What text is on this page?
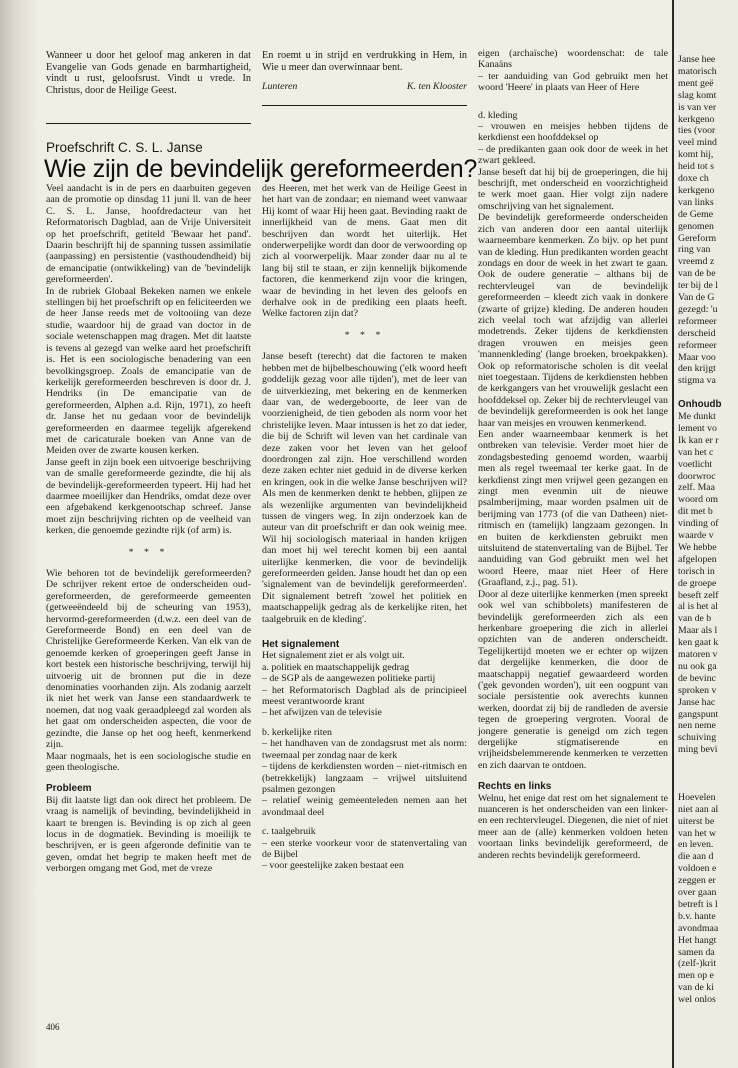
Wanneer u door het geloof mag ankeren in dat Evangelie van Gods genade en barmhartigheid, vindt u rust, geloofsrust. Vindt u vrede. In Christus, door de Heilige Geest.

En roemt u in strijd en verdrukking in Hem, in Wie u meer dan overwinnaar bent.

Lunteren	K. ten Klooster
Proefschrift C. S. L. Janse
Wie zijn de bevindelijk gereformeerden?

Veel aandacht is in de pers en daarbuiten gegeven aan de promotie op dinsdag 11 juni ll. van de heer C. S. L. Janse, hoofdredacteur van het Reformatorisch Dagblad, aan de Vrije Universiteit op het proefschrift, getiteld 'Bewaar het pand'. Daarin beschrijft hij de spanning tussen assimilatie (aanpassing) en persistentie (vasthoudendheid) bij de emancipatie (ontwikkeling) van de 'bevindelijk gereformeerden'.

In de rubriek Globaal Bekeken namen we enkele stellingen bij het proefschrift op en feliciteerden we de heer Janse reeds met de voltooiing van deze studie, waardoor hij de graad van doctor in de sociale wetenschappen mag dragen. Met dit laatste is tevens al gezegd van welke aard het proefschrift is. Het is een sociologische benadering van een bevolkingsgroep. Zoals de emancipatie van de kerkelijk gereformeerden beschreven is door dr. J. Hendriks (in De emancipatie van de gereformeerden, Alphen a.d. Rijn, 1971), zo heeft dr. Janse het nu gedaan voor de bevindelijk gereformeerden en daarmee tegelijk afgerekend met de caricaturale boeken van Anne van de Meiden over de zwarte kousen kerken.

Janse geeft in zijn boek een uitvoerige beschrijving van de smalle gereformeerde gezindte, die hij als de bevindelijk-gereformeerden typeert. Hij had het daarmee moeilijker dan Hendriks, omdat deze over een afgebakend kerkgenootschap schreef. Janse moet zijn beschrijving richten op de veelheid van kerken, die genoemde gezindte rijk (of arm) is.

* * *

Wie behoren tot de bevindelijk gereformeerden? De schrijver rekent ertoe de onderscheiden oud-gereformeerden, de gereformeerde gemeenten (getweeëndeeld bij de scheuring van 1953), hervormd-gereformeerden (d.w.z. een deel van de Gereformeerde Bond) en een deel van de Christelijke Gereformeerde Kerken. Van elk van de genoemde kerken of groeperingen geeft Janse in kort bestek een historische beschrijving, terwijl hij uitvoerig uit de bronnen put die in deze denominaties voorhanden zijn. Als zodanig aarzelt ik niet het werk van Janse een standaardwerk te noemen, dat nog vaak geraadpleegd zal worden als het gaat om onderscheiden aspecten, die voor de gezindte, die Janse op het oog heeft, kenmerkend zijn.

Maar nogmaals, het is een sociologische studie en geen theologische.

Probleem

Bij dit laatste ligt dan ook direct het probleem. De vraag is namelijk of bevinding, bevindelijkheid in kaart te brengen is. Bevinding is op zich al geen locus in de dogmatiek. Bevinding is moeilijk te beschrijven, er is geen afgeronde definitie van te geven, omdat het begrip te maken heeft met de verborgen omgang met God, met de vreze

des Heeren, met het werk van de Heilige Geest in het hart van de zondaar; en niemand weet vanwaar Hij komt of waar Hij heen gaat. Bevinding raakt de innerlijkheid van de mens. Gaat men dit beschrijven dan wordt het uiterlijk. Het onderwerpelijke wordt dan door de verwoording op zich al voorwerpelijk. Maar zonder daar nu al te lang bij stil te staan, er zijn kennelijk bijkomende factoren, die kenmerkend zijn voor die kringen, waar de bevinding in het leven des geloofs en derhalve ook in de prediking een plaats heeft. Welke factoren zijn dat?

* * *

Janse beseft (terecht) dat die factoren te maken hebben met de bijbelbeschouwing ('elk woord heeft goddelijk gezag voor alle tijden'), met de leer van de uitverkiezing, met bekering en de kenmerken daar van, de wedergeboorte, de leer van de voorzienigheid, de tien geboden als norm voor het christelijke leven. Maar intussen is het zo dat ieder, die bij de Schrift wil leven van het cardinale van deze zaken voor het leven van het geloof doordrongen zal zijn. Hoe verschillend worden deze zaken echter niet geduid in de diverse kerken en kringen, ook in die welke Janse beschrijven wil? Als men de kenmerken denkt te hebben, glijpen ze als wezenlijke argumenten van bevindelijkheid tussen de vingers weg. In zijn onderzoek kan de auteur van dit proefschrift er dan ook weinig mee. Wil hij sociologisch materiaal in handen krijgen dan moet hij wel terecht komen bij een aantal uiterlijke kenmerken, die voor de bevindelijk gereformeerden gelden. Janse houdt het dan op een 'signalement van de bevindelijk gereformeerden'. Dit signalement betreft 'zowel het politiek en maatschappelijk gedrag als de kerkelijke riten, het taalgebruik en de kleding'.

Het signalement

Het signalement ziet er als volgt uit.

a. politiek en maatschappelijk gedrag

– de SGP als de aangewezen politieke partij

– het Reformatorisch Dagblad als de principieel meest verantwoorde krant

– het afwijzen van de televisie

b. kerkelijke riten

– het handhaven van de zondagsrust met als norm: tweemaal per zondag naar de kerk

– tijdens de kerkdiensten worden – niet-ritmisch en (betrekkelijk) langzaam – vrijwel uitsluitend psalmen gezongen

– relatief weinig gemeenteleden nemen aan het avondmaal deel

c. taalgebruik

– een sterke voorkeur voor de statenvertaling van de Bijbel

– voor geestelijke zaken bestaat een

eigen (archaïsche) woordenschat: de tale Kanaäns

– ter aanduiding van God gebruikt men het woord 'Heere' in plaats van Heer of Here

d. kleding

– vrouwen en meisjes hebben tijdens de kerkdienst een hoofddeksel op

– de predikanten gaan ook door de week in het zwart gekleed.

Janse beseft dat hij bij de groeperingen, die hij beschrijft, met onderscheid en voorzichtigheid te werk moet gaan. Hier volgt zijn nadere omschrijving van het signalement.

De bevindelijk gereformeerde onderscheiden zich van anderen door een aantal uiterlijk waarneembare kenmerken. Zo bijv. op het punt van de kleding. Hun predikanten worden geacht zondags en door de week in het zwart te gaan. Ook de oudere generatie – althans bij de rechtervleugel van de bevindelijk gereformeerden – kleedt zich vaak in donkere (zwarte of grijze) kleding. De anderen houden zich veelal toch wat afzijdig van allerlei modetrends. Zeker tijdens de kerkdiensten dragen vrouwen en meisjes geen 'mannenkleding' (lange broeken, broekpakken). Ook op reformatorische scholen is dit veelal niet toegestaan. Tijdens de kerkdiensten hebben de kerkgangers van het vrouwelijk geslacht een hoofddeksel op. Zeker bij de rechtervleugel van de bevindelijk gereformeerden is ook het lange haar van meisjes en vrouwen kenmerkend.

Een ander waarneembaar kenmerk is het ontbreken van televisie. Verder moet hier de zondagsbesteding genoemd worden, waarbij men als regel tweemaal ter kerke gaat. In de kerkdienst zingt men vrijwel geen gezangen en zingt men evenmin uit de nieuwe psalmberijming, maar worden psalmen uit de berijming van 1773 (of die van Datheen) niet-ritmisch en (tamelijk) langzaam gezongen. In en buiten de kerkdiensten gebruikt men uitsluitend de statenvertaling van de Bijbel. Ter aanduiding van God gebruikt men wel het woord Heere, maar niet Heer of Here (Graafland, z.j., pag. 51).

Door al deze uiterlijke kenmerken (men spreekt ook wel van schibbolets) manifesteren de bevindelijk gereformeerden zich als een herkenbare groepering die zich in allerlei opzichten van de anderen onderscheidt. Tegelijkertijd moeten we er echter op wijzen dat dergelijke kenmerken, die door de maatschappij negatief gewaardeerd worden ('gek gevonden worden'), uit een oogpunt van sociale persistentie ook averechts kunnen werken, doordat zij bij de randleden de aversie tegen de groepering vergroten. Vooral de jongere generatie is geneigd om zich tegen dergelijke stigmatiserende en vrijheidsbelemmerende kenmerken te verzetten en zich daarvan te ontdoen.

Rechts en links

Welnu, het enige dat rest om het signalement te nuanceren is het onderscheiden van een linker- en een rechtervleugel. Diegenen, die niet of niet meer aan de (alle) kenmerken voldoen heten voortaan links bevindelijk gereformeerd, de anderen rechts bevindelijk gereformeerd.

406
Janse hee
matorisch
ment geë
slag komt
is van ver
kerkgeno
ties (voor
veel mind
komt hij,
heid tot s
doxe ch
kerkgeno
van links
de Geme
genomen
Gereform
ring van
vreemd z
van de be
ter bij de l
Van de G
gezegd: 'u
reformeer
derscheid
reformeer
Maar voo
den krijgt
stigma va
Onhoudb
Me dunkt
lement vo
Ik kan er r
van het c
voetlicht
doorwroc
zelf. Maa
woord om
dit met b
vinding of
waarde v
We hebbe
afgelopen
torisch in
de groepe
beseft zelf
al is het al
van de b
Maar als l
ken gaat k
matoren v
nu ook ga
de bevinc
sproken v
Janse hac
gangspunt
nen neme
schuiving
ming bevi
Hoevelen
niet aan al
uiterst be
van het w
en leven.
die aan d
voldoen e
zeggen er
over gaan
betreft is l
b.v. hante
avondmaa
Het hangt
samen da
(zelf-)krit
men op e
van de ki
wel onlos
